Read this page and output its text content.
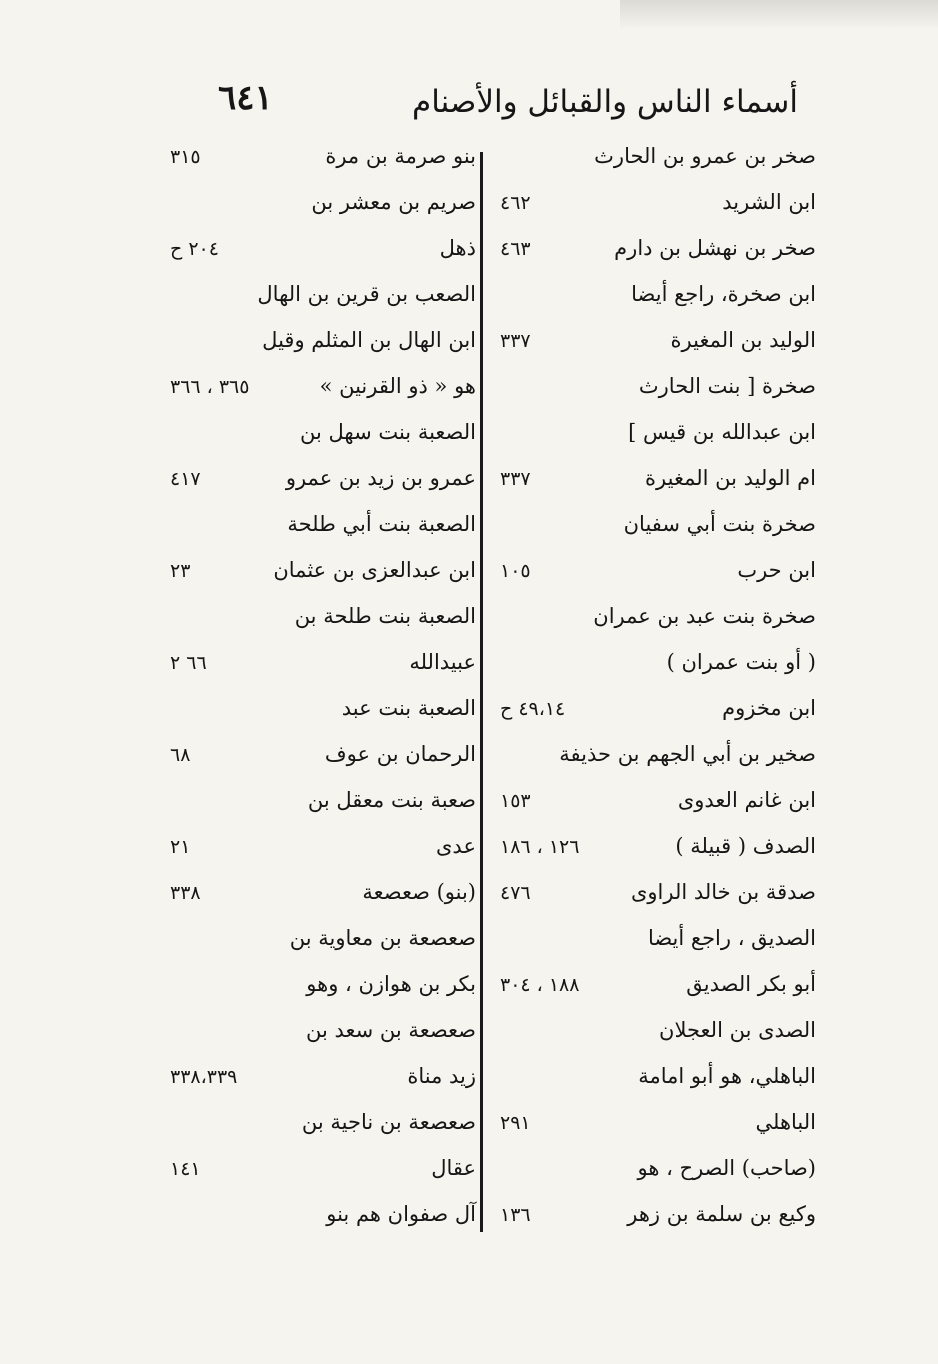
٦٤١	أسماء الناس والقبائل والأصنام
صخر بن عمرو بن الحارث
ابن الشريد
٤٦٢
صخر بن نهشل بن دارم
٤٦٣
ابن صخرة، راجع أيضا
الوليد بن المغيرة
٣٣٧
صخرة [ بنت الحارث
ابن عبدالله بن قيس ]
ام الوليد بن المغيرة
٣٣٧
صخرة بنت أبي سفيان
ابن حرب
١٠٥
صخرة بنت عبد بن عمران
( أو بنت عمران )
ابن مخزوم
٤٩،١٤ ح
صخير بن أبي الجهم بن حذيفة
ابن غانم العدوى
١٥٣
الصدف ( قبيلة )
١٢٦ ، ١٨٦
صدقة بن خالد الراوى
٤٧٦
الصديق ، راجع أيضا
أبو بكر الصديق
١٨٨ ، ٣٠٤
الصدى بن العجلان
الباهلي، هو أبو امامة
الباهلي
٢٩١
(صاحب) الصرح ، هو
وكيع بن سلمة بن زهر
١٣٦
بنو صرمة بن مرة
٣١٥
صريم بن معشر بن
ذهل
٢٠٤ ح
الصعب بن قرين بن الهال
ابن الهال بن المثلم وقيل
هو « ذو القرنين »
٣٦٥ ، ٣٦٦
الصعبة بنت سهل بن
عمرو بن زيد بن عمرو
٤١٧
الصعبة بنت أبي طلحة
ابن عبدالعزى بن عثمان
٢٣
الصعبة بنت طلحة بن
عبيدالله
٦٦ ٢
الصعبة بنت عبد
الرحمان بن عوف
٦٨
صعبة بنت معقل بن
عدى
٢١
(بنو) صعصعة
٣٣٨
صعصعة بن معاوية بن
بكر بن هوازن ، وهو
صعصعة بن سعد بن
زيد مناة
٣٣٨،٣٣٩
صعصعة بن ناجية بن
عقال
١٤١
آل صفوان هم بنو
